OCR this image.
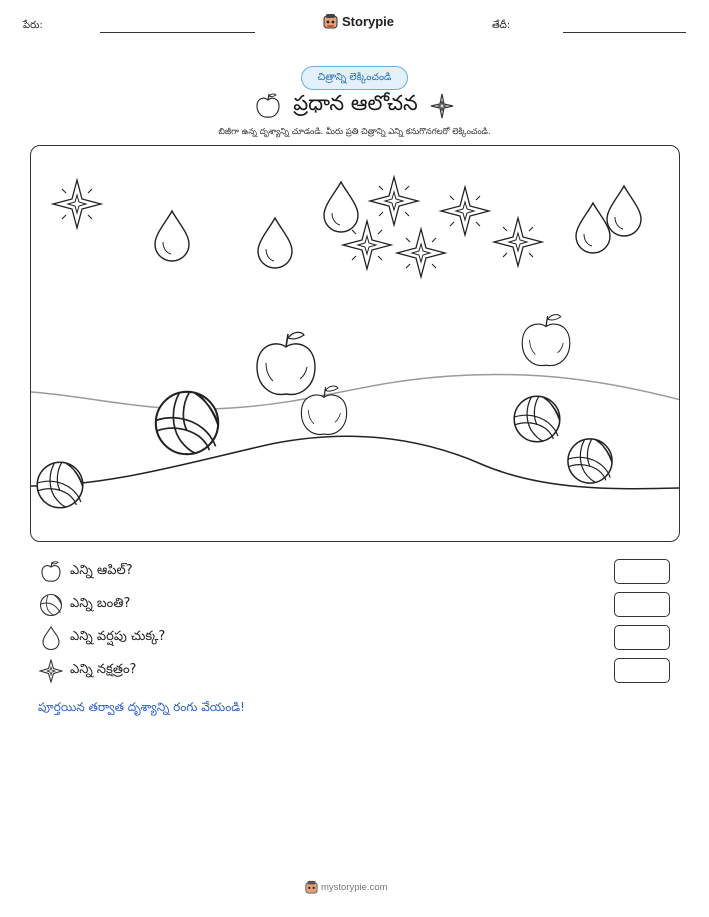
పేరు:	Storypie	తేదీ:
చిత్రాన్ని లెక్కించండి
ప్రధాన ఆలోచన
బిజీగా ఉన్న దృశ్యాన్ని చూడండి. మీరు ప్రతి చిత్రాన్ని ఎన్ని కనుగొనగలరో లెక్కించండి.
ఎన్ని ఆపిల్?
ఎన్ని బంతి?
ఎన్ని వర్షపు చుక్క?
ఎన్ని నక్షత్రం?
పూర్తయిన తర్వాత దృశ్యాన్ని రంగు వేయండి!
mystorypie.com
